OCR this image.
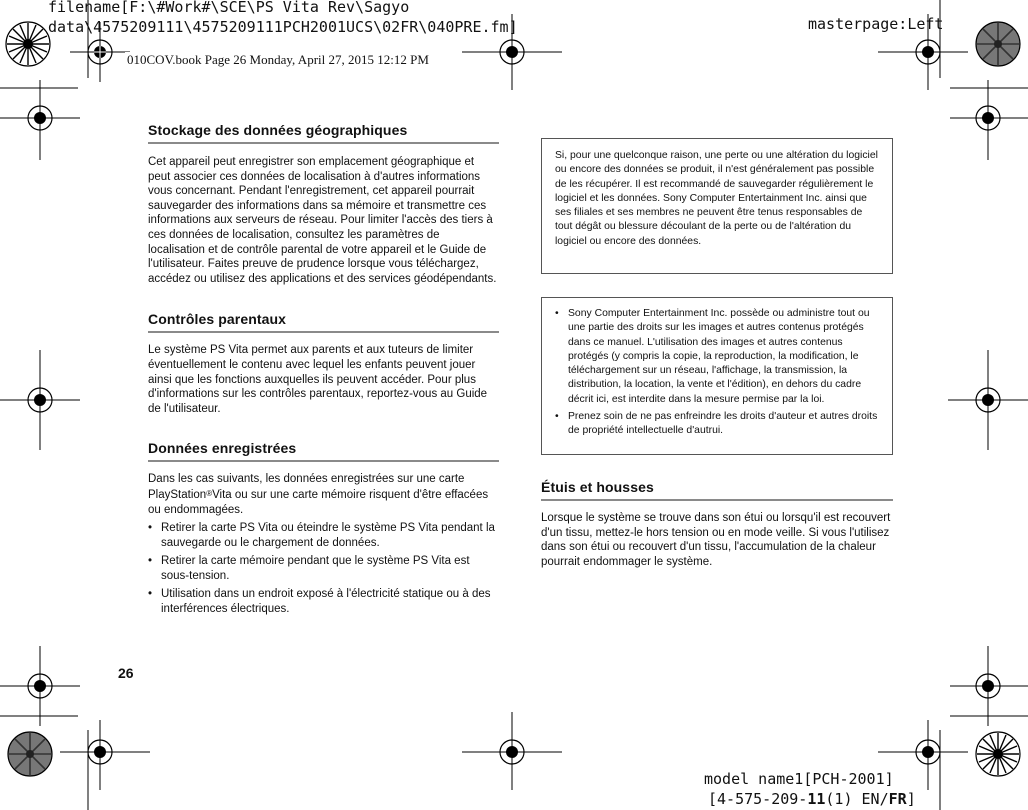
filename[F:\#Work#\SCE\PS Vita Rev\Sagyo
data\4575209111\4575209111PCH2001UCS\02FR\040PRE.fm]	masterpage:Left
010COV.book Page 26 Monday, April 27, 2015 12:12 PM
Stockage des données géographiques

Cet appareil peut enregistrer son emplacement géographique et peut associer ces données de localisation à d'autres informations vous concernant. Pendant l'enregistrement, cet appareil pourrait sauvegarder des informations dans sa mémoire et transmettre ces informations aux serveurs de réseau. Pour limiter l'accès des tiers à ces données de localisation, consultez les paramètres de localisation et de contrôle parental de votre appareil et le Guide de l'utilisateur. Faites preuve de prudence lorsque vous téléchargez, accédez ou utilisez des applications et des services géodépendants.

Contrôles parentaux

Le système PS Vita permet aux parents et aux tuteurs de limiter éventuellement le contenu avec lequel les enfants peuvent jouer ainsi que les fonctions auxquelles ils peuvent accéder. Pour plus d'informations sur les contrôles parentaux, reportez-vous au Guide de l'utilisateur.

Données enregistrées

Dans les cas suivants, les données enregistrées sur une carte PlayStation®Vita ou sur une carte mémoire risquent d'être effacées ou endommagées.

• Retirer la carte PS Vita ou éteindre le système PS Vita pendant la sauvegarde ou le chargement de données.
• Retirer la carte mémoire pendant que le système PS Vita est sous-tension.
• Utilisation dans un endroit exposé à l'électricité statique ou à des interférences électriques.

Si, pour une quelconque raison, une perte ou une altération du logiciel ou encore des données se produit, il n'est généralement pas possible de les récupérer. Il est recommandé de sauvegarder régulièrement le logiciel et les données. Sony Computer Entertainment Inc. ainsi que ses filiales et ses membres ne peuvent être tenus responsables de tout dégât ou blessure découlant de la perte ou de l'altération du logiciel ou encore des données.

• Sony Computer Entertainment Inc. possède ou administre tout ou une partie des droits sur les images et autres contenus protégés dans ce manuel. L'utilisation des images et autres contenus protégés (y compris la copie, la reproduction, la modification, le téléchargement sur un réseau, l'affichage, la transmission, la distribution, la location, la vente et l'édition), en dehors du cadre décrit ici, est interdite dans la mesure permise par la loi.
• Prenez soin de ne pas enfreindre les droits d'auteur et autres droits de propriété intellectuelle d'autrui.
Étuis et housses

Lorsque le système se trouve dans son étui ou lorsqu'il est recouvert d'un tissu, mettez-le hors tension ou en mode veille. Si vous l'utilisez dans son étui ou recouvert d'un tissu, l'accumulation de la chaleur pourrait endommager le système.

26
model name1[PCH-2001]
[4-575-209-11(1) EN/FR]
